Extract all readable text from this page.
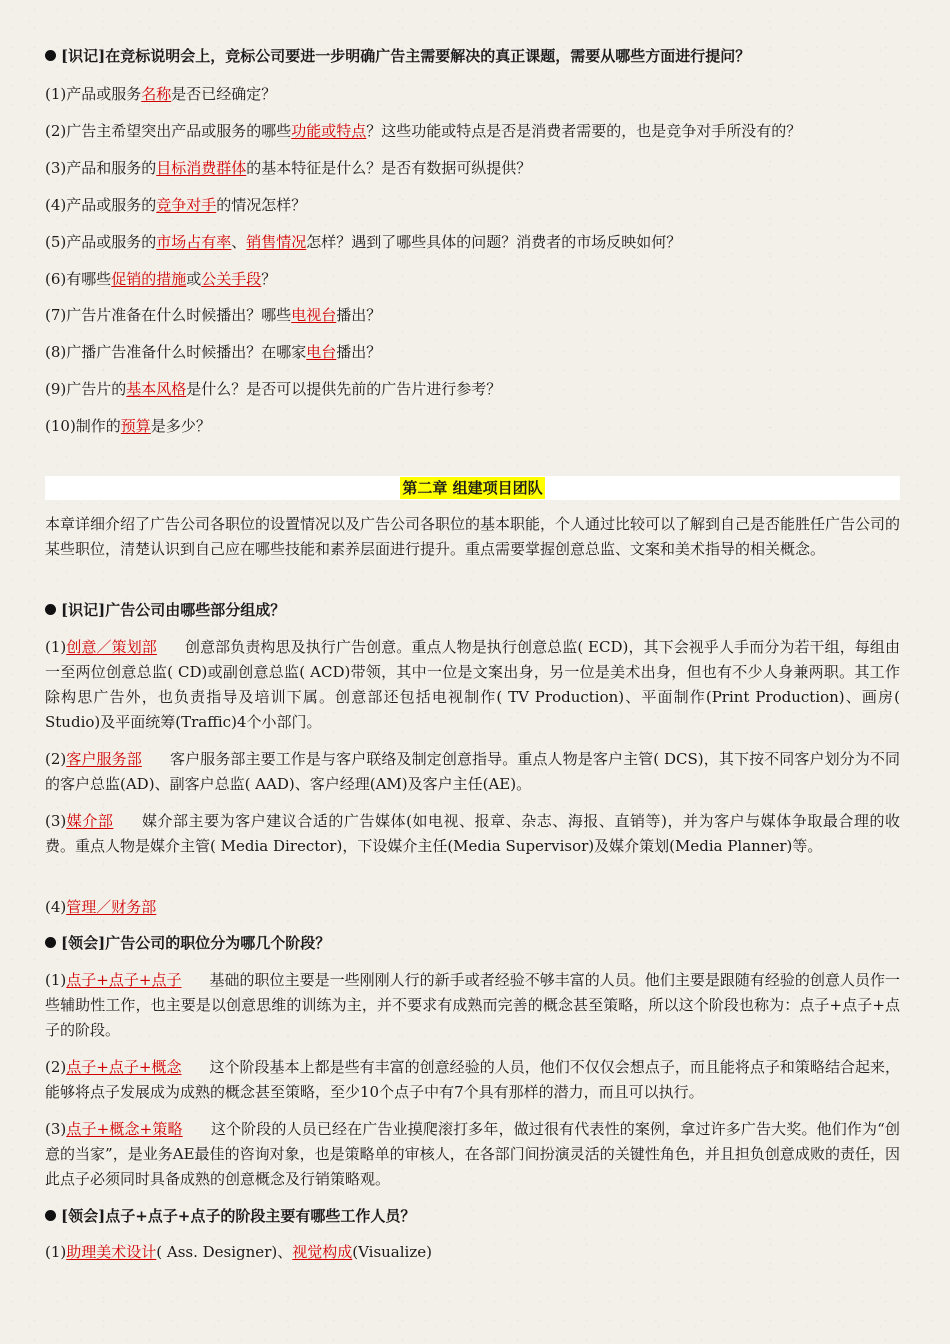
[识记]在竞标说明会上，竞标公司要进一步明确广告主需要解决的真正课题，需要从哪些方面进行提问？
(1)产品或服务名称是否已经确定？
(2)广告主希望突出产品或服务的哪些功能或特点？这些功能或特点是否是消费者需要的，也是竞争对手所没有的？
(3)产品和服务的目标消费群体的基本特征是什么？是否有数据可纵提供？
(4)产品或服务的竞争对手的情况怎样？
(5)产品或服务的市场占有率、销售情况怎样？遇到了哪些具体的问题？消费者的市场反映如何？
(6)有哪些促销的措施或公关手段？
(7)广告片准备在什么时候播出？哪些电视台播出？
(8)广播广告准备什么时候播出？在哪家电台播出？
(9)广告片的基本风格是什么？是否可以提供先前的广告片进行参考？
(10)制作的预算是多少？
第二章 组建项目团队
本章详细介绍了广告公司各职位的设置情况以及广告公司各职位的基本职能，个人通过比较可以了解到自己是否能胜任广告公司的某些职位，清楚认识到自己应在哪些技能和素养层面进行提升。重点需要掌握创意总监、文案和美术指导的相关概念。
[识记]广告公司由哪些部分组成？
(1)创意／策划部 创意部负责构思及执行广告创意。重点人物是执行创意总监( ECD)，其下会视乎人手而分为若干组，每组由一至两位创意总监( CD)或副创意总监( ACD)带领，其中一位是文案出身，另一位是美术出身，但也有不少人身兼两职。其工作除构思广告外，也负责指导及培训下属。创意部还包括电视制作( TV Production)、平面制作(Print Production)、画房( Studio)及平面统筹(Traffic)4个小部门。
(2)客户服务部 客户服务部主要工作是与客户联络及制定创意指导。重点人物是客户主管( DCS)，其下按不同客户划分为不同的客户总监(AD)、副客户总监( AAD)、客户经理(AM)及客户主任(AE)。
(3)媒介部 媒介部主要为客户建议合适的广告媒体(如电视、报章、杂志、海报、直销等)，并为客户与媒体争取最合理的收费。重点人物是媒介主管( Media Director)，下设媒介主任(Media Supervisor)及媒介策划(Media Planner)等。
(4)管理／财务部
[领会]广告公司的职位分为哪几个阶段？
(1)点子+点子+点子 基础的职位主要是一些刚刚人行的新手或者经验不够丰富的人员。他们主要是跟随有经验的创意人员作一些辅助性工作，也主要是以创意思维的训练为主，并不要求有成熟而完善的概念甚至策略，所以这个阶段也称为：点子+点子+点子的阶段。
(2)点子+点子+概念 这个阶段基本上都是些有丰富的创意经验的人员，他们不仅仅会想点子，而且能将点子和策略结合起来，能够将点子发展成为成熟的概念甚至策略，至少10个点子中有7个具有那样的潜力，而且可以执行。
(3)点子+概念+策略 这个阶段的人员已经在广告业摸爬滚打多年，做过很有代表性的案例，拿过许多广告大奖。他们作为“创意的当家”，是业务AE最佳的咨询对象，也是策略单的审核人，在各部门间扮演灵活的关键性角色，并且担负创意成败的责任，因此点子必须同时具备成熟的创意概念及行销策略观。
[领会]点子+点子+点子的阶段主要有哪些工作人员？
(1)助理美术设计( Ass. Designer)、视觉构成(Visualize)
